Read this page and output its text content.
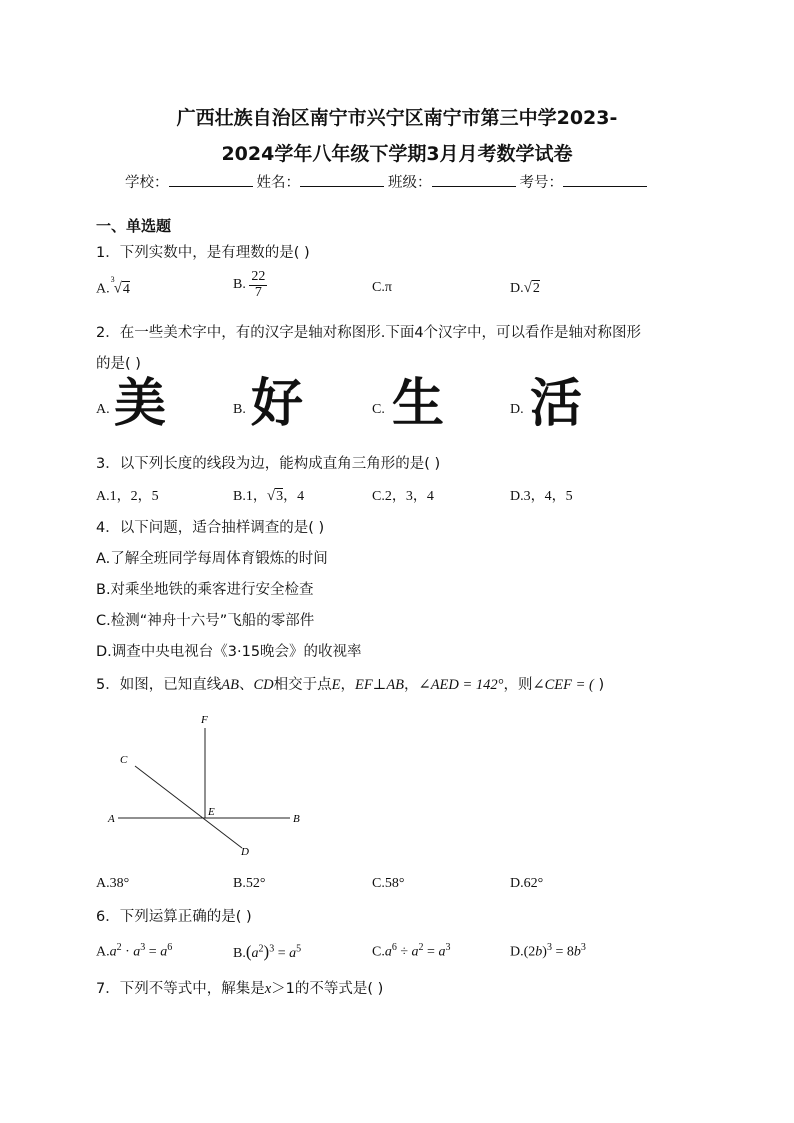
广西壮族自治区南宁市兴宁区南宁市第三中学2023-
2024学年八年级下学期3月月考数学试卷
学校：	姓名：	班级：	考号：
一、单选题
1．下列实数中，是有理数的是( )
A.$^3$√4	B. $\frac{22}{7}$	C.π	D.√2
2．在一些美术字中，有的汉字是轴对称图形.下面4个汉字中，可以看作是轴对称图形
的是( )
A. 美	B. 好	C. 生	D. 活
3．以下列长度的线段为边，能构成直角三角形的是( )
A.1，2，5	B.1，√3，4	C.2，3，4	D.3，4，5
4．以下问题，适合抽样调查的是( )
A.了解全班同学每周体育锻炼的时间
B.对乘坐地铁的乘客进行安全检查
C.检测“神舟十六号”飞船的零部件
D.调查中央电视台《3·15晚会》的收视率
5．如图，已知直线AB、CD相交于点E，EF⊥AB，∠AED = 142°，则∠CEF = ( )
F
C
A
E
B
D
A.38°	B.52°	C.58°	D.62°
6．下列运算正确的是( )
$A.a^2 \cdot a^3 = a^6$	$B.(a^2)^3 = a^5$	$C.a^6 \div a^2 = a^3$	$D.(2b)^3 = 8b^3$
7．下列不等式中，解集是x＞1的不等式是( )
